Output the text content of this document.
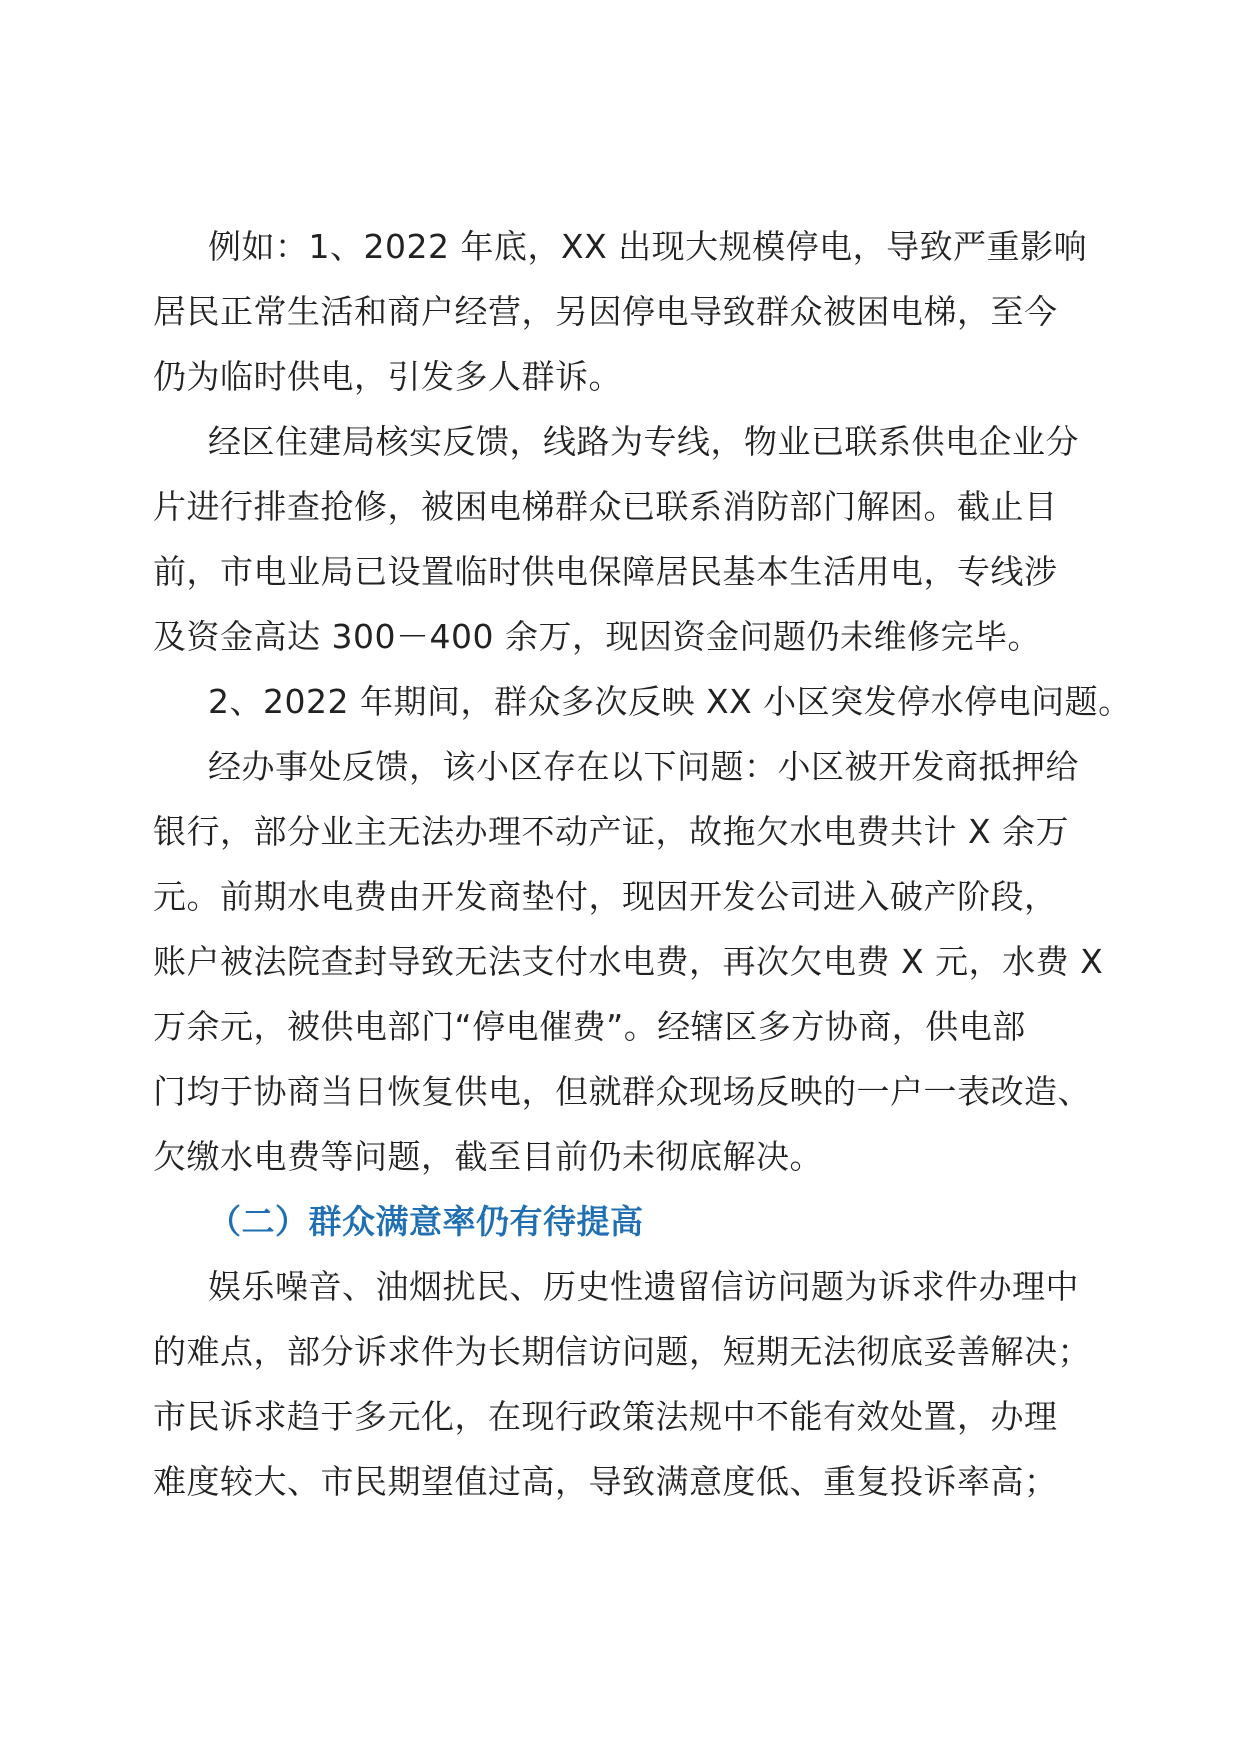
例如：1、2022 年底，XX 出现大规模停电，导致严重影响
居民正常生活和商户经营，另因停电导致群众被困电梯，至今
仍为临时供电，引发多人群诉。

经区住建局核实反馈，线路为专线，物业已联系供电企业分
片进行排查抢修，被困电梯群众已联系消防部门解困。截止目
前，市电业局已设置临时供电保障居民基本生活用电，专线涉
及资金高达 300－400 余万，现因资金问题仍未维修完毕。

2、2022 年期间，群众多次反映 XX 小区突发停水停电问题。

经办事处反馈，该小区存在以下问题：小区被开发商抵押给
银行，部分业主无法办理不动产证，故拖欠水电费共计 X 余万
元。前期水电费由开发商垫付，现因开发公司进入破产阶段，
账户被法院查封导致无法支付水电费，再次欠电费 X 元，水费 X
万余元，被供电部门“停电催费”。经辖区多方协商，供电部
门均于协商当日恢复供电，但就群众现场反映的一户一表改造、
欠缴水电费等问题，截至目前仍未彻底解决。

（二）群众满意率仍有待提高

娱乐噪音、油烟扰民、历史性遗留信访问题为诉求件办理中
的难点，部分诉求件为长期信访问题，短期无法彻底妥善解决；
市民诉求趋于多元化，在现行政策法规中不能有效处置，办理
难度较大、市民期望值过高，导致满意度低、重复投诉率高；
